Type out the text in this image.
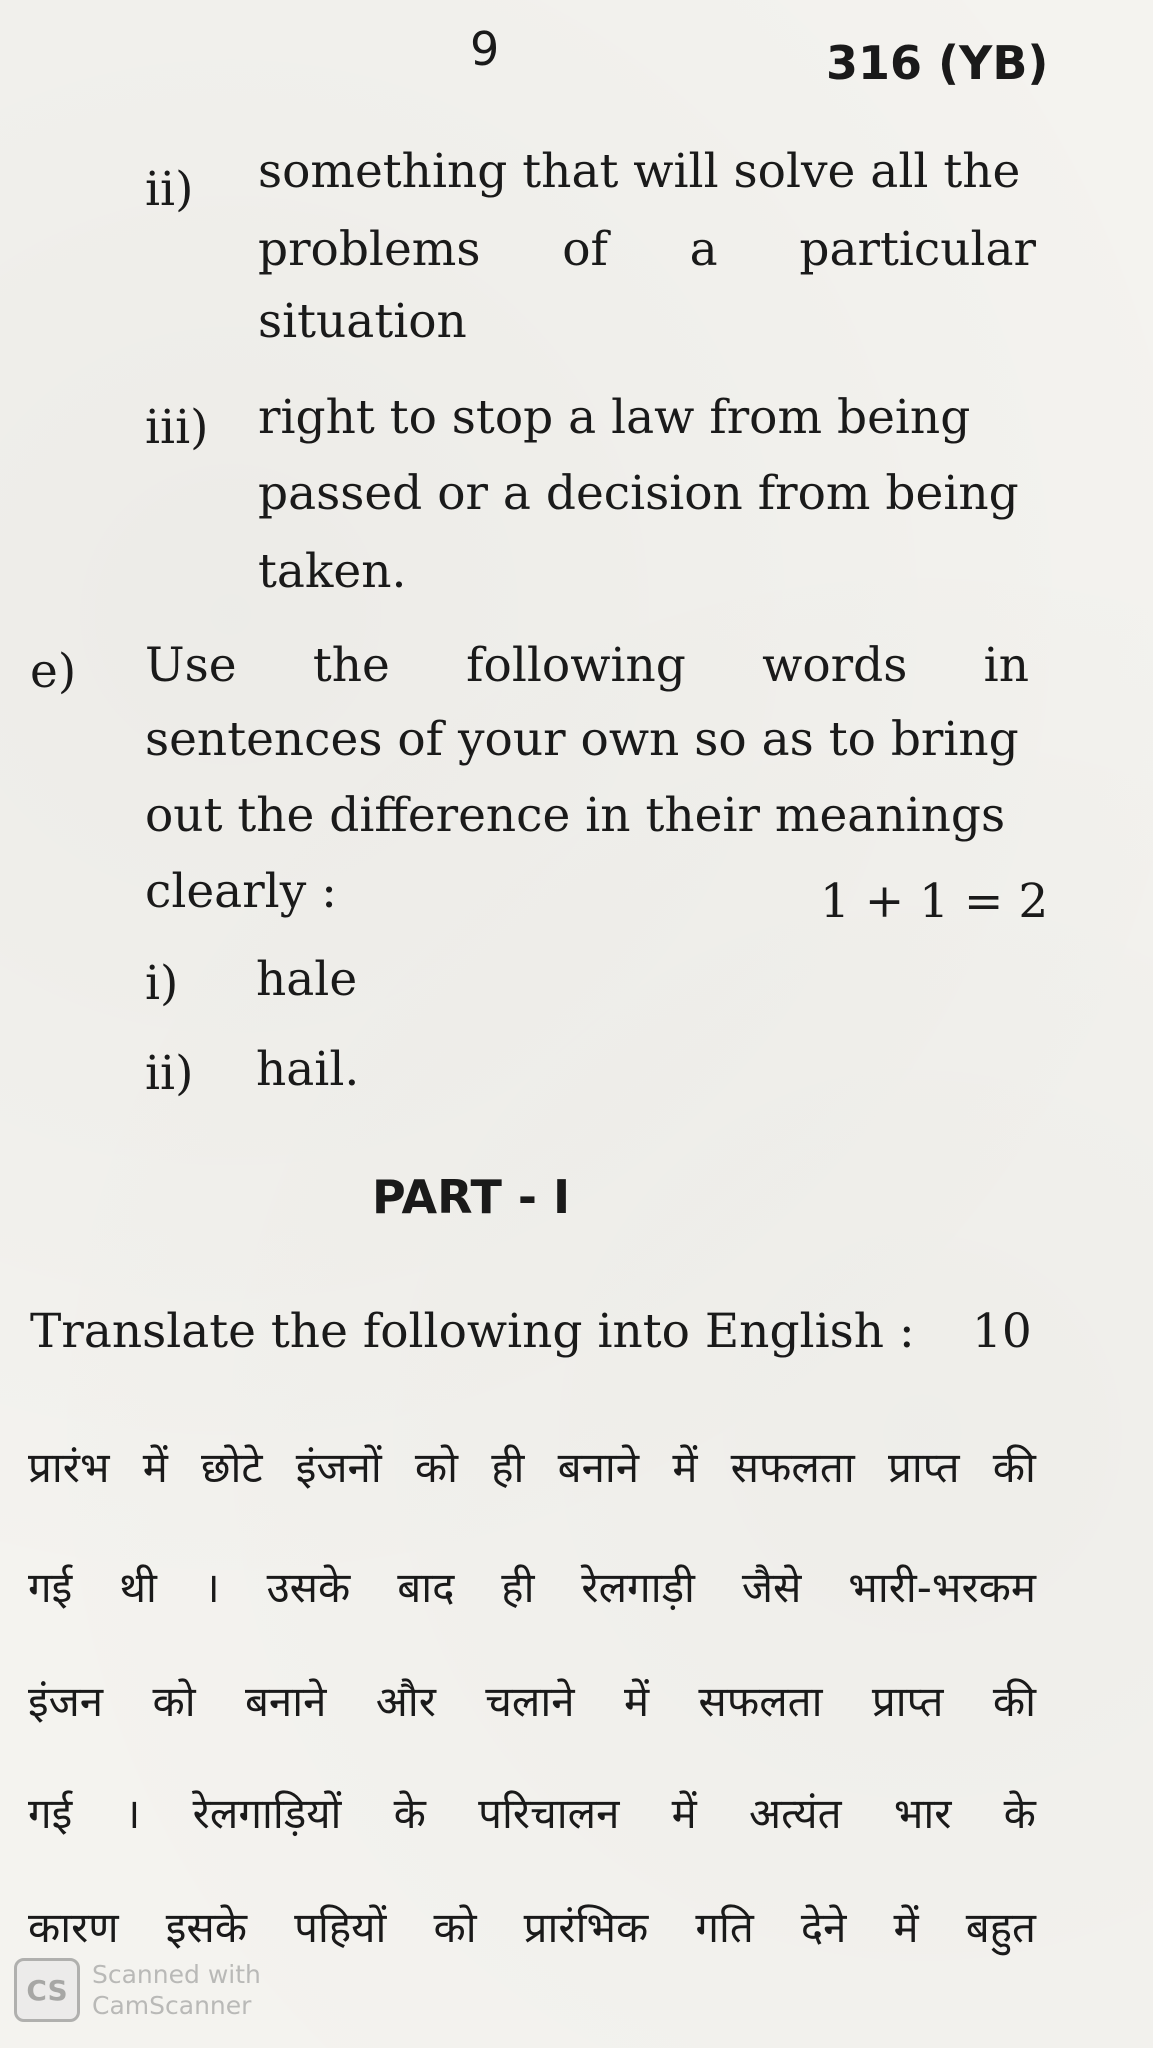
9	316 (YB)
ii) something that will solve all the
problems of a particular
situation
iii) right to stop a law from being
passed or a decision from being
taken.
e) Use the following words in
sentences of your own so as to bring
out the difference in their meanings
clearly :	1 + 1 = 2
i) hale
ii) hail.
PART - I
Translate the following into English : 10
प्रारंभ में छोटे इंजनों को ही बनाने में सफलता प्राप्त की
गई थी । उसके बाद ही रेलगाड़ी जैसे भारी-भरकम
इंजन को बनाने और चलाने में सफलता प्राप्त की
गई । रेलगाड़ियों के परिचालन में अत्यंत भार के
कारण इसके पहियों को प्रारंभिक गति देने में बहुत
CS Scanned with
CamScanner
